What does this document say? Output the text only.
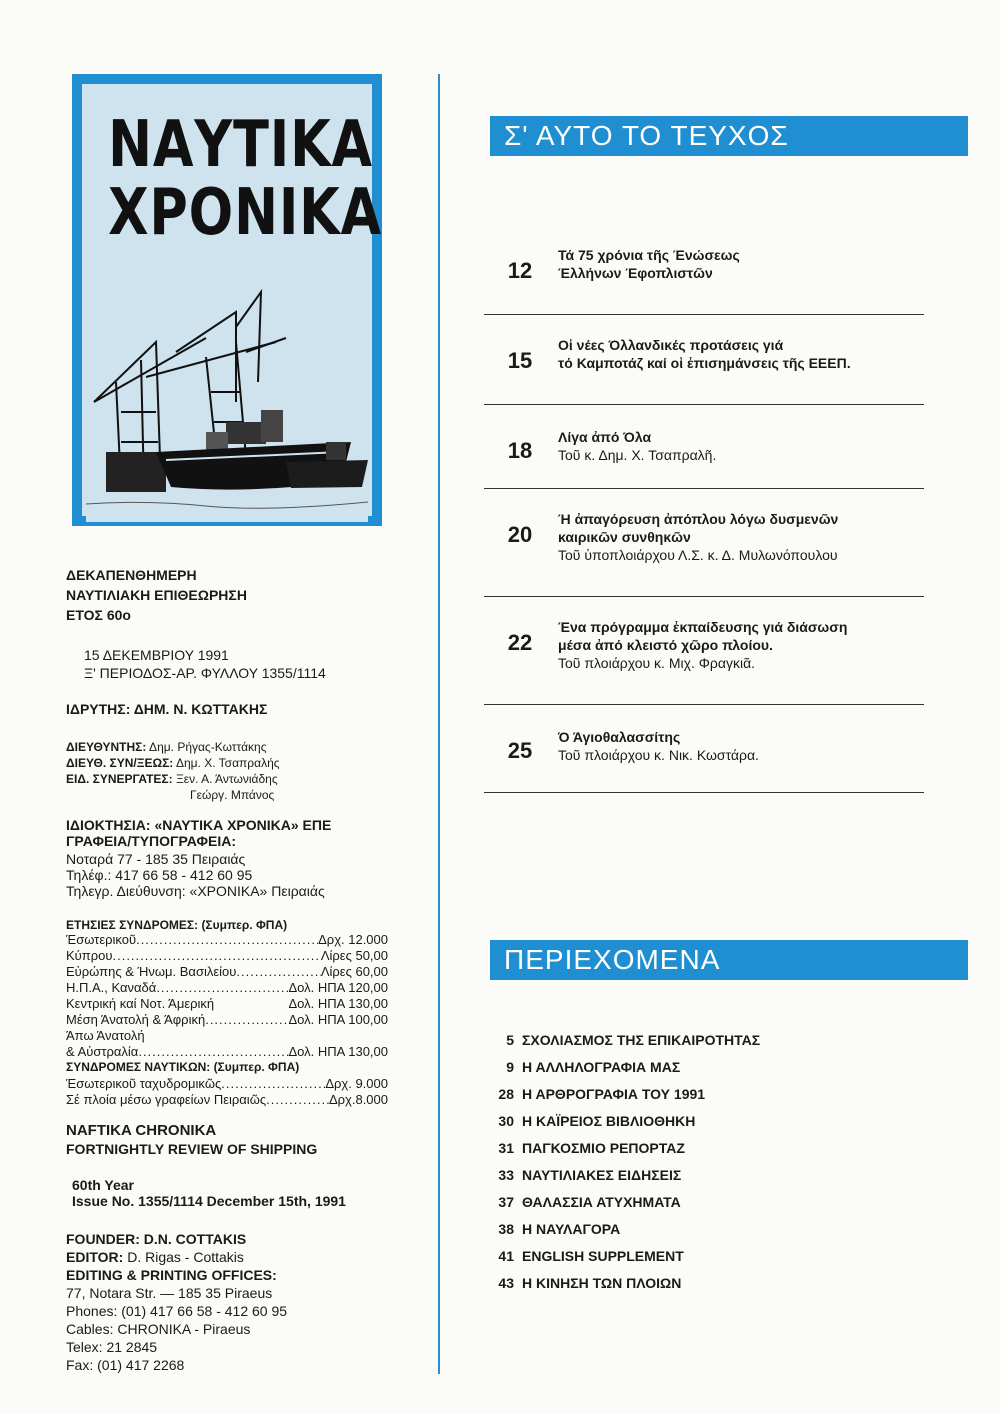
ΝΑΥΤΙΚΑ
ΧΡΟΝΙΚΑ
ΔΕΚΑΠΕΝΘΗΜΕΡΗ
ΝΑΥΤΙΛΙΑΚΗ ΕΠΙΘΕΩΡΗΣΗ
ΕΤΟΣ 60ο
15 ΔΕΚΕΜΒΡΙΟΥ 1991
Ξ' ΠΕΡΙΟΔΟΣ-ΑΡ. ΦΥΛΛΟΥ 1355/1114
ΙΔΡΥΤΗΣ: ΔΗΜ. Ν. ΚΩΤΤΑΚΗΣ
ΔΙΕΥΘΥΝΤΗΣ: Δημ. Ρήγας-Κωττάκης
ΔΙΕΥΘ. ΣΥΝ/ΞΕΩΣ: Δημ. Χ. Τσαπραλής
ΕΙΔ. ΣΥΝΕΡΓΑΤΕΣ: Ξεν. Α. Άντωνιάδης
Γεώργ. Μπάνος
ΙΔΙΟΚΤΗΣΙΑ: «ΝΑΥΤΙΚΑ ΧΡΟΝΙΚΑ» ΕΠΕ
ΓΡΑΦΕΙΑ/ΤΥΠΟΓΡΑΦΕΙΑ:
Νοταρά 77 - 185 35 Πειραιάς
Τηλέφ.: 417 66 58 - 412 60 95
Τηλεγρ. Διεύθυνση: «ΧΡΟΝΙΚΑ» Πειραιάς
ΕΤΗΣΙΕΣ ΣΥΝΔΡΟΜΕΣ: (Συμπερ. ΦΠΑ)
Έσωτερικοῦ .....	Δρχ. 12.000
Κύπρου .....	Λίρες 50,00
Εὐρώπης & Ήνωμ. Βασιλείου .....	Λίρες 60,00
Η.Π.Α., Καναδά .....	Δολ. ΗΠΑ 120,00
Κεντρική καί Νοτ. Άμερική	Δολ. ΗΠΑ 130,00
Μέση Άνατολή & Άφρική .....	Δολ. ΗΠΑ 100,00
Άπω Άνατολή
& Αὐστραλία .....	Δολ. ΗΠΑ 130,00
ΣΥΝΔΡΟΜΕΣ ΝΑΥΤΙΚΩΝ: (Συμπερ. ΦΠΑ)
Έσωτερικοῦ ταχυδρομικῶς .....	Δρχ. 9.000
Σέ πλοία μέσω γραφείων Πειραιῶς .....	Δρχ.8.000
NAFTIKA CHRONIKA
FORTNIGHTLY REVIEW OF SHIPPING
60th Year
Issue No. 1355/1114 December 15th, 1991
FOUNDER: D.N. COTTAKIS
EDITOR: D. Rigas - Cottakis
EDITING & PRINTING OFFICES:
77, Notara Str. — 185 35 Piraeus
Phones: (01) 417 66 58 - 412 60 95
Cables: CHRONIKA - Piraeus
Telex: 21 2845
Fax: (01) 417 2268
Σ' ΑΥΤΟ ΤΟ ΤΕΥΧΟΣ
12
Τά 75 χρόνια τῆς Ένώσεως
Έλλήνων Έφοπλιστῶν
15
Οἱ νέες Όλλανδικές προτάσεις γιά
τό Καμποτάζ καί οἱ ἐπισημάνσεις τῆς ΕΕΕΠ.
18
Λίγα ἀπό Όλα
Τοῦ κ. Δημ. Χ. Τσαπραλῆ.
20
Ή ἀπαγόρευση ἀπόπλου λόγω δυσμενῶν
καιρικῶν συνθηκῶν
Τοῦ ὑποπλοιάρχου Λ.Σ. κ. Δ. Μυλωνόπουλου
22
Ένα πρόγραμμα ἐκπαίδευσης γιά διάσωση
μέσα ἀπό κλειστό χῶρο πλοίου.
Τοῦ πλοιάρχου κ. Μιχ. Φραγκιᾶ.
25
Ό Άγιοθαλασσίτης
Τοῦ πλοιάρχου κ. Νικ. Κωστάρα.
ΠΕΡΙΕΧΟΜΕΝΑ
5 ΣΧΟΛΙΑΣΜΟΣ ΤΗΣ ΕΠΙΚΑΙΡΟΤΗΤΑΣ
9 Η ΑΛΛΗΛΟΓΡΑΦΙΑ ΜΑΣ
28 Η ΑΡΘΡΟΓΡΑΦΙΑ ΤΟΥ 1991
30 Η ΚΑΪΡΕΙΟΣ ΒΙΒΛΙΟΘΗΚΗ
31 ΠΑΓΚΟΣΜΙΟ ΡΕΠΟΡΤΑΖ
33 ΝΑΥΤΙΛΙΑΚΕΣ ΕΙΔΗΣΕΙΣ
37 ΘΑΛΑΣΣΙΑ ΑΤΥΧΗΜΑΤΑ
38 Η ΝΑΥΛΑΓΟΡΑ
41 ENGLISH SUPPLEMENT
43 Η ΚΙΝΗΣΗ ΤΩΝ ΠΛΟΙΩΝ
